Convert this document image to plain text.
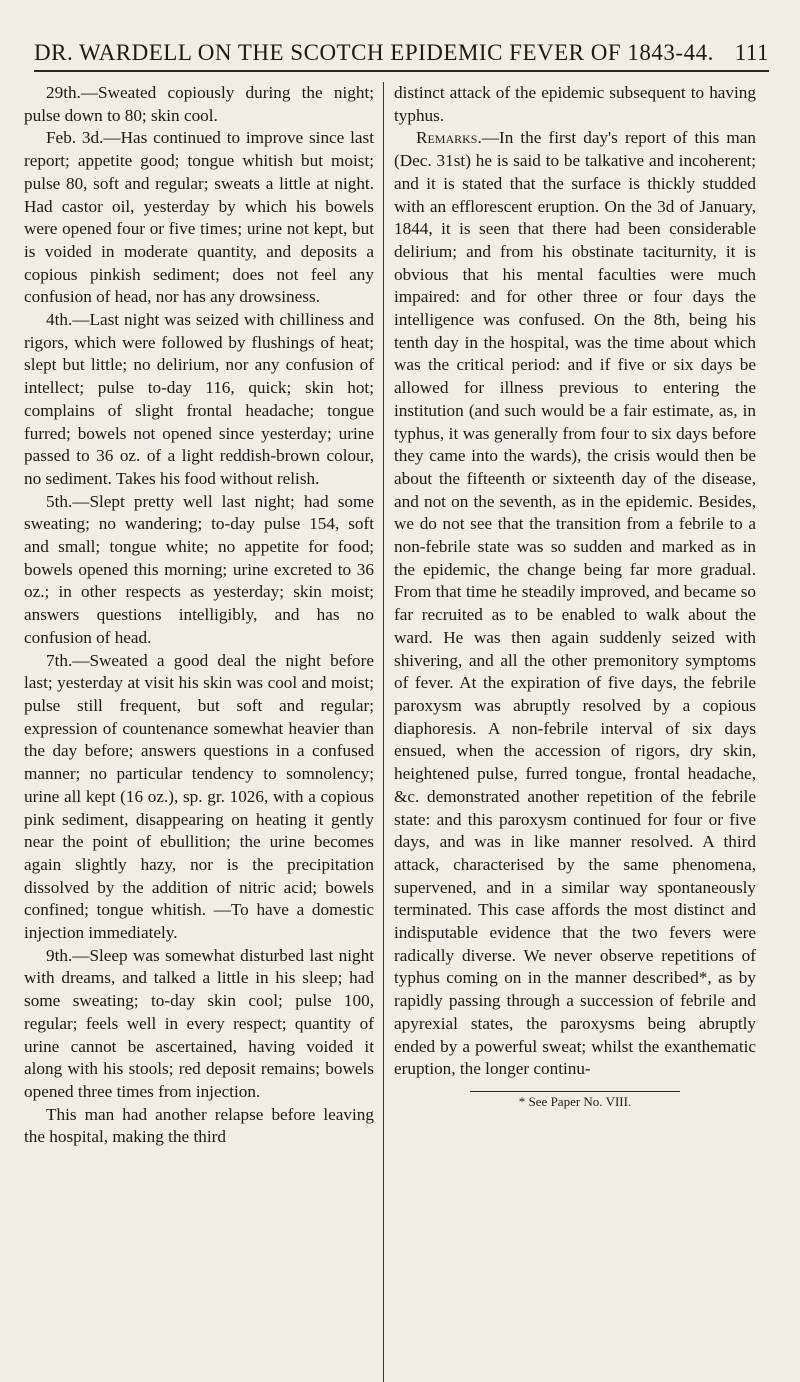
DR. WARDELL ON THE SCOTCH EPIDEMIC FEVER OF 1843-44. 111

29th.—Sweated copiously during the night; pulse down to 80; skin cool.

Feb. 3d.—Has continued to improve since last report; appetite good; tongue whitish but moist; pulse 80, soft and regular; sweats a little at night. Had castor oil, yesterday by which his bowels were opened four or five times; urine not kept, but is voided in moderate quantity, and deposits a copious pinkish sediment; does not feel any confusion of head, nor has any drowsiness.

4th.—Last night was seized with chilliness and rigors, which were followed by flushings of heat; slept but little; no delirium, nor any confusion of intellect; pulse to-day 116, quick; skin hot; complains of slight frontal headache; tongue furred; bowels not opened since yesterday; urine passed to 36 oz. of a light reddish-brown colour, no sediment. Takes his food without relish.

5th.—Slept pretty well last night; had some sweating; no wandering; to-day pulse 154, soft and small; tongue white; no appetite for food; bowels opened this morning; urine excreted to 36 oz.; in other respects as yesterday; skin moist; answers questions intelligibly, and has no confusion of head.

7th.—Sweated a good deal the night before last; yesterday at visit his skin was cool and moist; pulse still frequent, but soft and regular; expression of countenance somewhat heavier than the day before; answers questions in a confused manner; no particular tendency to somnolency; urine all kept (16 oz.), sp. gr. 1026, with a copious pink sediment, disappearing on heating it gently near the point of ebullition; the urine becomes again slightly hazy, nor is the precipitation dissolved by the addition of nitric acid; bowels confined; tongue whitish. —To have a domestic injection immediately.

9th.—Sleep was somewhat disturbed last night with dreams, and talked a little in his sleep; had some sweating; to-day skin cool; pulse 100, regular; feels well in every respect; quantity of urine cannot be ascertained, having voided it along with his stools; red deposit remains; bowels opened three times from injection.

This man had another relapse before leaving the hospital, making the third

distinct attack of the epidemic subsequent to having typhus.

Remarks.—In the first day's report of this man (Dec. 31st) he is said to be talkative and incoherent; and it is stated that the surface is thickly studded with an efflorescent eruption. On the 3d of January, 1844, it is seen that there had been considerable delirium; and from his obstinate taciturnity, it is obvious that his mental faculties were much impaired: and for other three or four days the intelligence was confused. On the 8th, being his tenth day in the hospital, was the time about which was the critical period: and if five or six days be allowed for illness previous to entering the institution (and such would be a fair estimate, as, in typhus, it was generally from four to six days before they came into the wards), the crisis would then be about the fifteenth or sixteenth day of the disease, and not on the seventh, as in the epidemic. Besides, we do not see that the transition from a febrile to a non-febrile state was so sudden and marked as in the epidemic, the change being far more gradual. From that time he steadily improved, and became so far recruited as to be enabled to walk about the ward. He was then again suddenly seized with shivering, and all the other premonitory symptoms of fever. At the expiration of five days, the febrile paroxysm was abruptly resolved by a copious diaphoresis. A non-febrile interval of six days ensued, when the accession of rigors, dry skin, heightened pulse, furred tongue, frontal headache, &c. demonstrated another repetition of the febrile state: and this paroxysm continued for four or five days, and was in like manner resolved. A third attack, characterised by the same phenomena, supervened, and in a similar way spontaneously terminated. This case affords the most distinct and indisputable evidence that the two fevers were radically diverse. We never observe repetitions of typhus coming on in the manner described*, as by rapidly passing through a succession of febrile and apyrexial states, the paroxysms being abruptly ended by a powerful sweat; whilst the exanthematic eruption, the longer continu-

* See Paper No. VIII.
